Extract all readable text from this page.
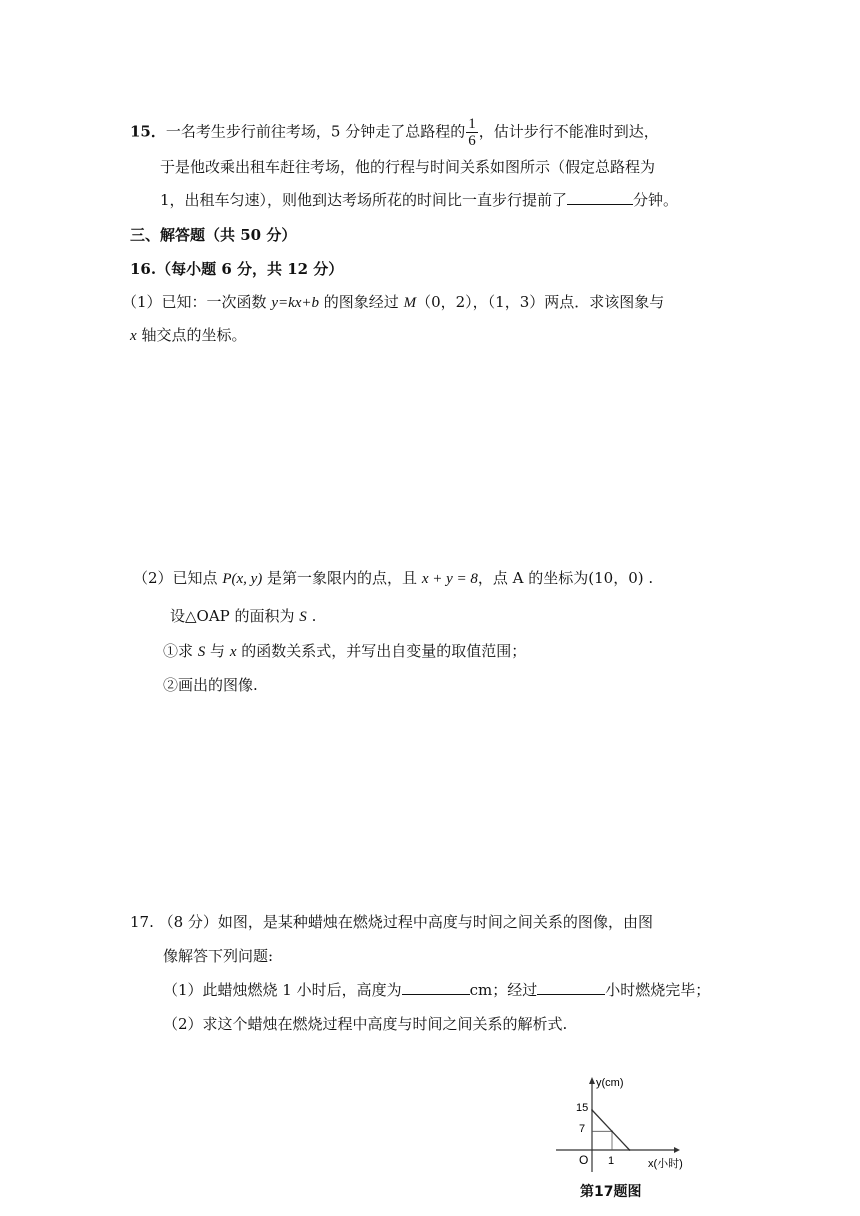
15．一名考生步行前往考场，5 分钟走了总路程的 $\frac{1}{6}$ ，估计步行不能准时到达，
于是他改乘出租车赶往考场，他的行程与时间关系如图所示（假定总路程为
1，出租车匀速），则他到达考场所花的时间比一直步行提前了	分钟。
三、解答题（共 50 分）
16.（每小题 6 分，共 12 分）
（1）已知：一次函数 y=kx+b 的图象经过 M（0，2），（1，3）两点．求该图象与
x 轴交点的坐标。
（2）已知点 P(x, y) 是第一象限内的点，且 x + y = 8，点 A 的坐标为(10，0) .
设△OAP 的面积为 S .
①求 S 与 x 的函数关系式，并写出自变量的取值范围；
②画出的图像.
17. （8 分）如图，是某种蜡烛在燃烧过程中高度与时间之间关系的图像，由图
像解答下列问题:
（1）此蜡烛燃烧 1 小时后，高度为	cm；经过	小时燃烧完毕；
（2）求这个蜡烛在燃烧过程中高度与时间之间关系的解析式.
y(cm)
x(小时)
O
15
7
1
第17题图
